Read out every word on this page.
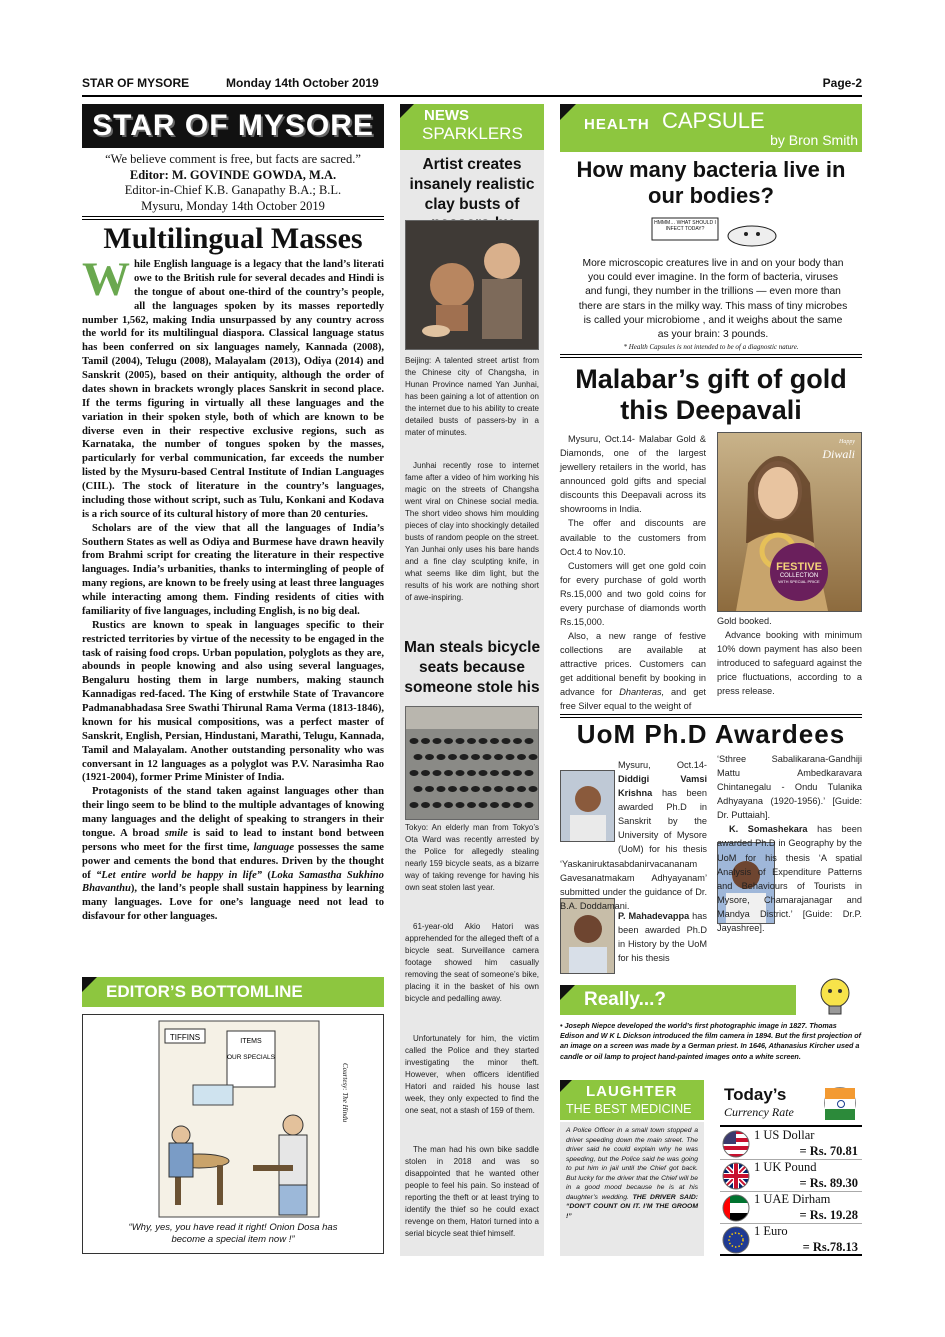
STAR OF MYSORE	Monday 14th October 2019	Page-2
STAR OF MYSORE
“We believe comment is free, but facts are sacred.”
Editor: M. GOVINDE GOWDA, M.A.
Editor-in-Chief K.B. Ganapathy B.A.; B.L.
Mysuru, Monday 14th October 2019
Multilingual Masses

While English language is a legacy that the land’s literati owe to the British rule for several decades and Hindi is the tongue of about one-third of the country’s people, all the languages spoken by its masses reportedly number 1,562, making India unsurpassed by any country across the world for its multilingual diaspora. Classical language status has been conferred on six languages namely, Kannada (2008), Tamil (2004), Telugu (2008), Malayalam (2013), Odiya (2014) and Sanskrit (2005), based on their antiquity, although the order of dates shown in brackets wrongly places Sanskrit in second place. If the terms figuring in virtually all these languages and the variation in their spoken style, both of which are known to be diverse even in their respective exclusive regions, such as Karnataka, the number of tongues spoken by the masses, particularly for verbal communication, far exceeds the number listed by the Mysuru-based Central Institute of Indian Languages (CIIL). The stock of literature in the country’s languages, including those without script, such as Tulu, Konkani and Kodava is a rich source of its cultural history of more than 20 centuries.

Scholars are of the view that all the languages of India’s Southern States as well as Odiya and Burmese have drawn heavily from Brahmi script for creating the literature in their respective languages. India’s urbanities, thanks to intermingling of people of many regions, are known to be freely using at least three languages while interacting among them. Finding residents of cities with familiarity of five languages, including English, is no big deal.

Rustics are known to speak in languages specific to their restricted territories by virtue of the necessity to be engaged in the task of raising food crops. Urban population, polyglots as they are, abounds in people knowing and also using several languages, Bengaluru hosting them in large numbers, making staunch Kannadigas red-faced. The King of erstwhile State of Travancore Padmanabhadasa Sree Swathi Thirunal Rama Verma (1813-1846), known for his musical compositions, was a perfect master of Sanskrit, English, Persian, Hindustani, Marathi, Telugu, Kannada, Tamil and Malayalam. Another outstanding personality who was conversant in 12 languages as a polyglot was P.V. Narasimha Rao (1921-2004), former Prime Minister of India.

Protagonists of the stand taken against languages other than their lingo seem to be blind to the multiple advantages of knowing many languages and the delight of speaking to strangers in their tongue. A broad smile is said to lead to instant bond between persons who meet for the first time, language possesses the same power and cements the bond that endures. Driven by the thought of “Let entire world be happy in life” (Loka Samastha Sukhino Bhavanthu), the land’s people shall sustain happiness by learning many languages. Love for one’s language need not lead to disfavour for other languages.

EDITOR’S BOTTOMLINE
TIFFINS	ITEMS
OUR SPECIALS
Courtesy: The Hindu
“Why, yes, you have read it right! Onion Dosa has become a special item now !”
NEWS
SPARKLERS
Artist creates insanely realistic clay busts of
Beijing: A talented street artist from the Chinese city of Changsha, in Hunan Province named Yan Junhai, has been gaining a lot of attention on the internet due to his ability to create detailed busts of passers-by in a mater of minutes.
Junhai recently rose to internet fame after a video of him working his magic on the streets of Changsha went viral on Chinese social media. The short video shows him moulding pieces of clay into shockingly detailed busts of random people on the street. Yan Junhai only uses his bare hands and a fine clay sculpting knife, in what seems like dim light, but the results of his work are nothing short of awe-inspiring.
Man steals bicycle seats because someone stole his
Tokyo: An elderly man from Tokyo’s Ota Ward was recently arrested by the Police for allegedly stealing nearly 159 bicycle seats, as a bizarre way of taking revenge for having his own seat stolen last year.
61-year-old Akio Hatori was apprehended for the alleged theft of a bicycle seat. Surveillance camera footage showed him casually removing the seat of someone’s bike, placing it in the basket of his own bicycle and pedalling away.
Unfortunately for him, the victim called the Police and they started investigating the minor theft. However, when officers identified Hatori and raided his house last week, they only expected to find the one seat, not a stash of 159 of them.
The man had his own bike saddle stolen in 2018 and was so disappointed that he wanted other people to feel his pain. So instead of reporting the theft or at least trying to identify the thief so he could exact revenge on them, Hatori turned into a serial bicycle seat thief himself.
HEALTH CAPSULE
by Bron Smith
How many bacteria live in our bodies?
HMMM… WHAT SHOULD I INFECT TODAY?
More microscopic creatures live in and on your body than you could ever imagine. In the form of bacteria, viruses and fungi, they number in the trillions — even more than there are stars in the milky way. This mass of tiny microbes is called your microbiome , and it weighs about the same as your brain: 3 pounds.
* Health Capsules is not intended to be of a diagnostic nature.
Malabar’s gift of gold this Deepavali

Mysuru, Oct.14- Malabar Gold & Diamonds, one of the largest jewellery retailers in the world, has announced gold gifts and special discounts this Deepavali across its showrooms in India.

The offer and discounts are available to the customers from Oct.4 to Nov.10.

Customers will get one gold coin for every purchase of gold worth Rs.15,000 and two gold coins for every purchase of diamonds worth Rs.15,000.

Also, a new range of festive collections are available at attractive prices. Customers can get additional benefit by booking in advance for Dhanteras, and get free Silver equal to the weight of

Happy
Diwali
FESTIVE
COLLECTION
WITH SPECIAL PRICE

Gold booked.

Advance booking with minimum 10% down payment has also been introduced to safeguard against the price fluctuations, according to a press release.

UoM Ph.D Awardees
Mysuru, Oct.14- Diddigi Vamsi Krishna has been awarded Ph.D in Sanskrit by the University of Mysore (UoM) for his thesis ‘Yaskaniruktasabdanirvacananam Gavesanatmakam Adhyayanam’ submitted under the guidance of Dr. B.A. Doddamani.
P. Mahadevappa has been awarded Ph.D in History by the UoM for his thesis

‘Sthree Sabalikarana-Gandhiji Mattu Ambedkaravara Chintanegalu - Ondu Tulanika Adhyayana (1920-1956).’ [Guide: Dr. Puttaiah].

K. Somashekara has been awarded Ph.D in Geography by the UoM for his thesis ‘A spatial Analysis of Expenditure Patterns and Behaviours of Tourists in Mysore, Chamarajanagar and Mandya District.’ [Guide: Dr.P. Jayashree].

Really...?
• Joseph Niepce developed the world’s first photographic image in 1827. Thomas Edison and W K L Dickson introduced the film camera in 1894. But the first projection of an image on a screen was made by a German priest. In 1646, Athanasius Kircher used a candle or oil lamp to project hand-painted images onto a white screen.
LAUGHTER
THE BEST MEDICINE
A Police Officer in a small town stopped a driver speeding down the main street. The driver said he could explain why he was speeding, but the Police said he was going to put him in jail until the Chief got back. But lucky for the driver that the Chief will be in a good mood because he is at his daughter’s wedding. THE DRIVER SAID: “DON’T COUNT ON IT. I’M THE GROOM !”
Today’s
Currency Rate
1 US Dollar
= Rs. 70.81
1 UK Pound
= Rs. 89.30
1 UAE Dirham
= Rs. 19.28
1 Euro
= Rs.78.13
